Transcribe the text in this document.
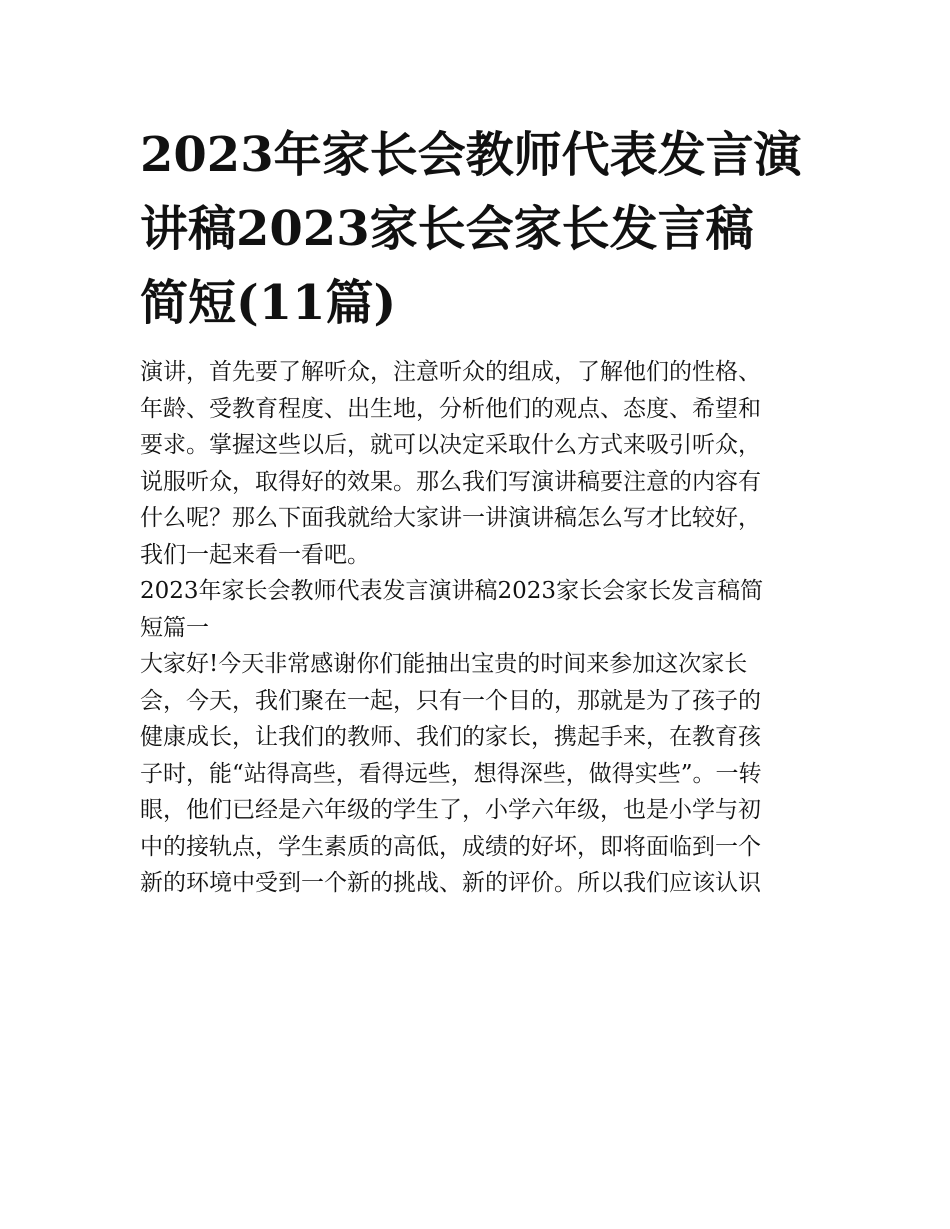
2023年家长会教师代表发言演
讲稿2023家长会家长发言稿
简短(11篇)

演讲，首先要了解听众，注意听众的组成，了解他们的性格、
年龄、受教育程度、出生地，分析他们的观点、态度、希望和
要求。掌握这些以后，就可以决定采取什么方式来吸引听众，
说服听众，取得好的效果。那么我们写演讲稿要注意的内容有
什么呢？那么下面我就给大家讲一讲演讲稿怎么写才比较好，
我们一起来看一看吧。

2023年家长会教师代表发言演讲稿2023家长会家长发言稿简
短篇一

大家好!今天非常感谢你们能抽出宝贵的时间来参加这次家长
会，今天，我们聚在一起，只有一个目的，那就是为了孩子的
健康成长，让我们的教师、我们的家长，携起手来，在教育孩
子时，能“站得高些，看得远些，想得深些，做得实些”。一转
眼，他们已经是六年级的学生了，小学六年级，也是小学与初
中的接轨点，学生素质的高低，成绩的好坏，即将面临到一个
新的环境中受到一个新的挑战、新的评价。所以我们应该认识
